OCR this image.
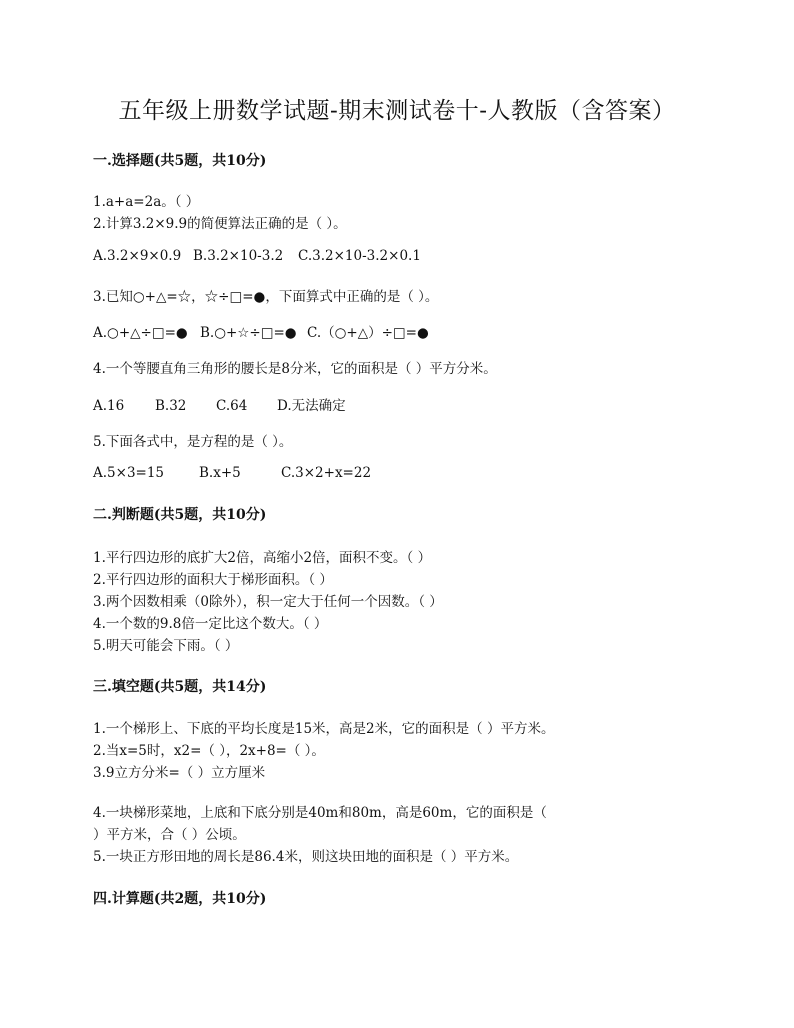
五年级上册数学试题-期末测试卷十-人教版（含答案）
一.选择题(共5题，共10分)
1.a+a=2a。（ ）
2.计算3.2×9.9的简便算法正确的是（ ）。
A.3.2×9×0.9 B.3.2×10-3.2 C.3.2×10-3.2×0.1
3.已知○+△=☆，☆÷□=●，下面算式中正确的是（ ）。
A.○+△÷□=● B.○+☆÷□=● C.（○+△）÷□=●
4.一个等腰直角三角形的腰长是8分米，它的面积是（ ）平方分米。
A.16 B.32 C.64 D.无法确定
5.下面各式中，是方程的是（ ）。
A.5×3=15	B.x+5	C.3×2+x=22
二.判断题(共5题，共10分)
1.平行四边形的底扩大2倍，高缩小2倍，面积不变。（ ）
2.平行四边形的面积大于梯形面积。（ ）
3.两个因数相乘（0除外），积一定大于任何一个因数。（ ）
4.一个数的9.8倍一定比这个数大。（ ）
5.明天可能会下雨。（ ）
三.填空题(共5题，共14分)
1.一个梯形上、下底的平均长度是15米，高是2米，它的面积是（ ）平方米。
2.当x=5时，x2=（ ），2x+8=（ ）。
3.9立方分米=（ ）立方厘米
4.一块梯形菜地，上底和下底分别是40m和80m，高是60m，它的面积是（
）平方米，合（ ）公顷。
5.一块正方形田地的周长是86.4米，则这块田地的面积是（ ）平方米。
四.计算题(共2题，共10分)
